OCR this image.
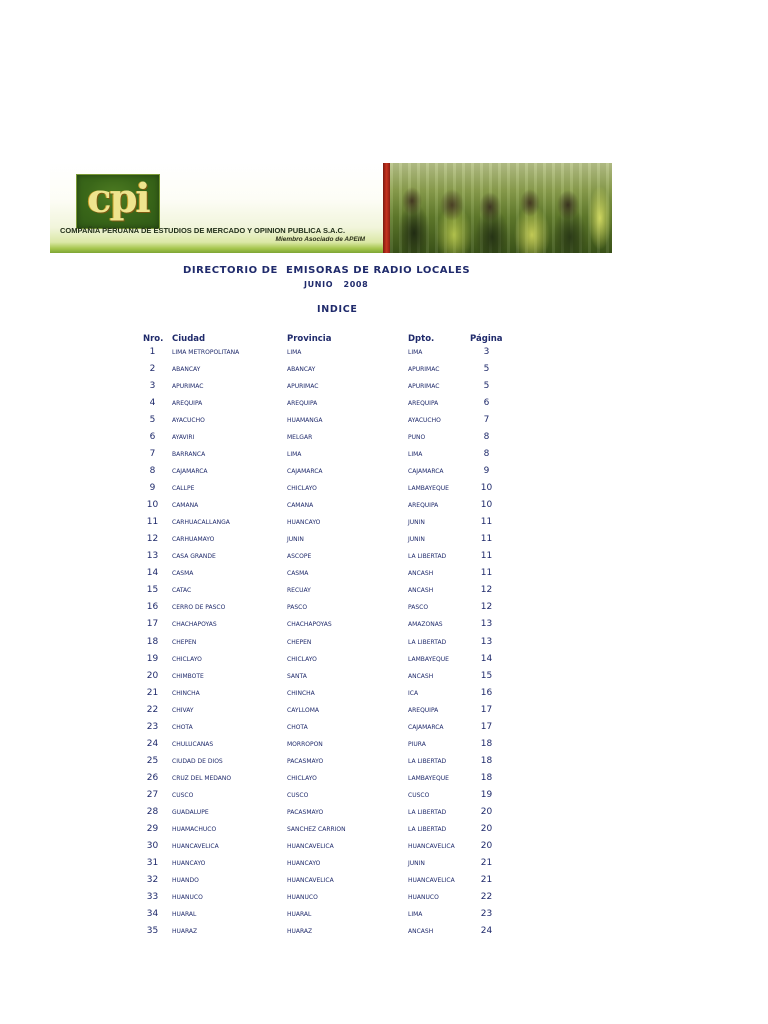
cpi
COMPAÑIA PERUANA DE ESTUDIOS DE MERCADO Y OPINION PUBLICA S.A.C.
Miembro Asociado de APEIM
DIRECTORIO DE  EMISORAS DE RADIO LOCALES
JUNIO   2008
INDICE
Nro. Ciudad	Provincia	Dpto.	Página
1	LIMA METROPOLITANA	LIMA	LIMA	3
2	ABANCAY	ABANCAY	APURIMAC	5
3	APURIMAC	APURIMAC	APURIMAC	5
4	AREQUIPA	AREQUIPA	AREQUIPA	6
5	AYACUCHO	HUAMANGA	AYACUCHO	7
6	AYAVIRI	MELGAR	PUNO	8
7	BARRANCA	LIMA	LIMA	8
8	CAJAMARCA	CAJAMARCA	CAJAMARCA	9
9	CALLPE	CHICLAYO	LAMBAYEQUE	10
10	CAMANA	CAMANA	AREQUIPA	10
11	CARHUACALLANGA	HUANCAYO	JUNIN	11
12	CARHUAMAYO	JUNIN	JUNIN	11
13	CASA GRANDE	ASCOPE	LA LIBERTAD	11
14	CASMA	CASMA	ANCASH	11
15	CATAC	RECUAY	ANCASH	12
16	CERRO DE PASCO	PASCO	PASCO	12
17	CHACHAPOYAS	CHACHAPOYAS	AMAZONAS	13
18	CHEPEN	CHEPEN	LA LIBERTAD	13
19	CHICLAYO	CHICLAYO	LAMBAYEQUE	14
20	CHIMBOTE	SANTA	ANCASH	15
21	CHINCHA	CHINCHA	ICA	16
22	CHIVAY	CAYLLOMA	AREQUIPA	17
23	CHOTA	CHOTA	CAJAMARCA	17
24	CHULUCANAS	MORROPON	PIURA	18
25	CIUDAD DE DIOS	PACASMAYO	LA LIBERTAD	18
26	CRUZ DEL MEDANO	CHICLAYO	LAMBAYEQUE	18
27	CUSCO	CUSCO	CUSCO	19
28	GUADALUPE	PACASMAYO	LA LIBERTAD	20
29	HUAMACHUCO	SANCHEZ CARRION	LA LIBERTAD	20
30	HUANCAVELICA	HUANCAVELICA	HUANCAVELICA	20
31	HUANCAYO	HUANCAYO	JUNIN	21
32	HUANDO	HUANCAVELICA	HUANCAVELICA	21
33	HUANUCO	HUANUCO	HUANUCO	22
34	HUARAL	HUARAL	LIMA	23
35	HUARAZ	HUARAZ	ANCASH	24
